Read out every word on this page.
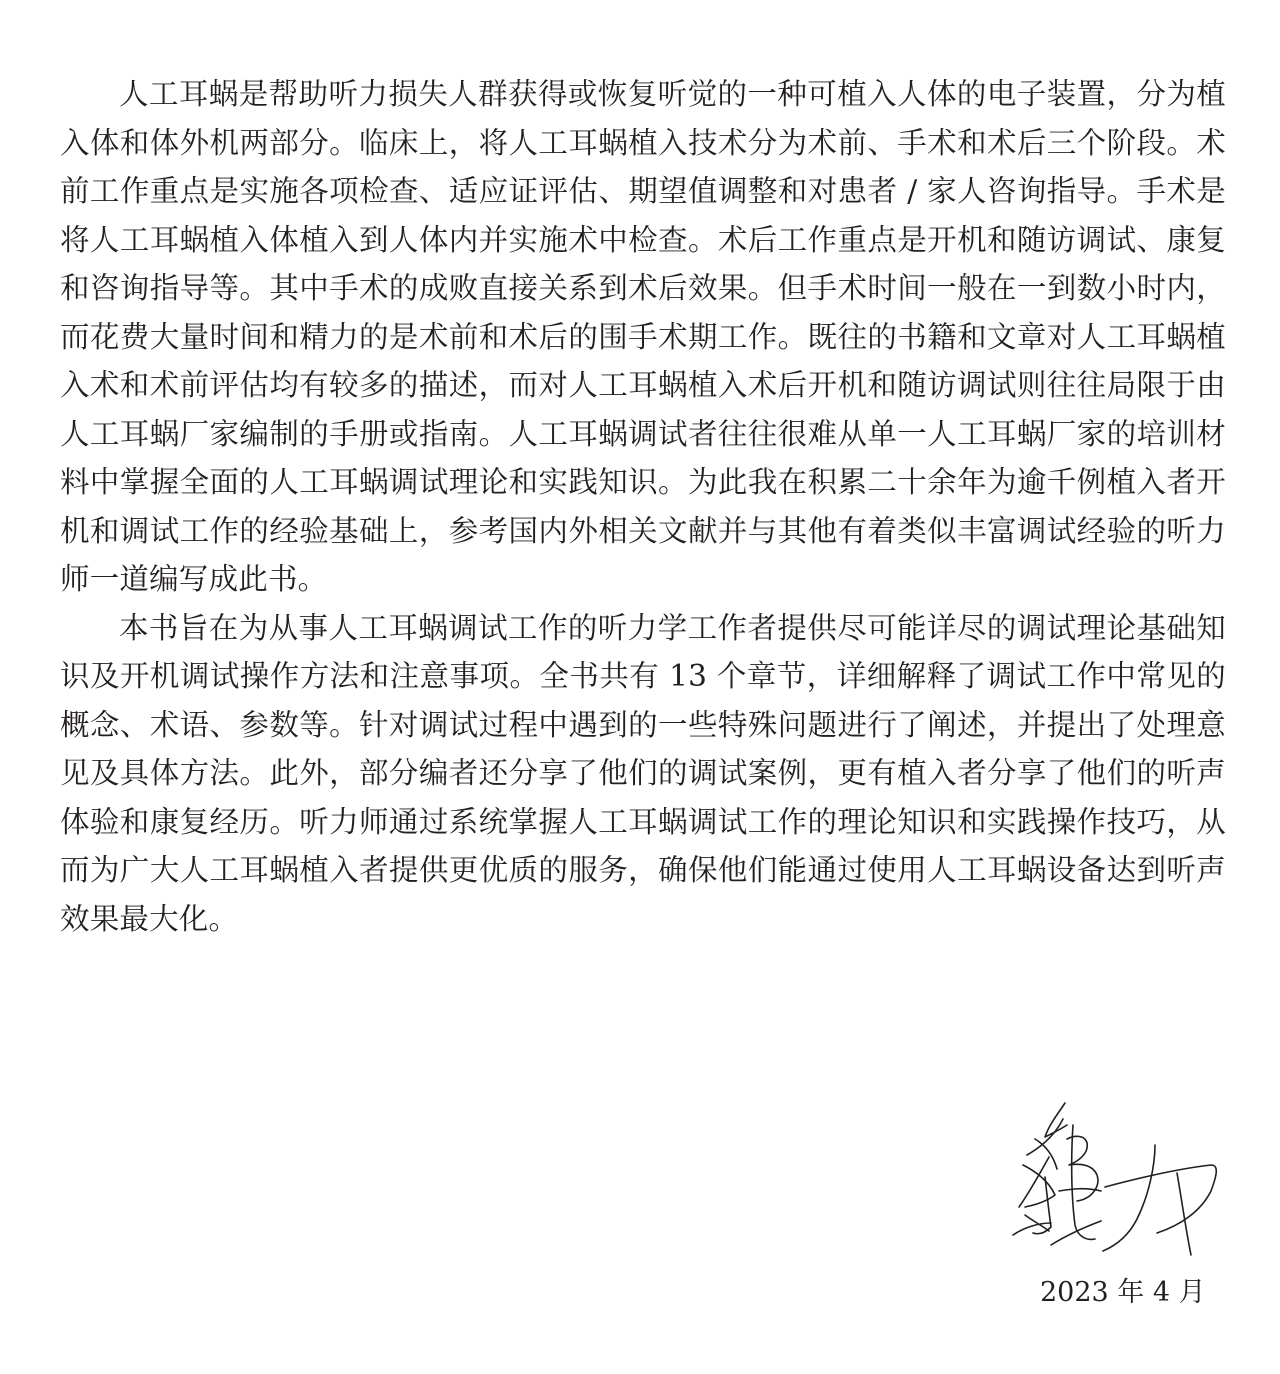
人工耳蜗是帮助听力损失人群获得或恢复听觉的一种可植入人体的电子装置，分为植入体和体外机两部分。临床上，将人工耳蜗植入技术分为术前、手术和术后三个阶段。术前工作重点是实施各项检查、适应证评估、期望值调整和对患者 / 家人咨询指导。手术是将人工耳蜗植入体植入到人体内并实施术中检查。术后工作重点是开机和随访调试、康复和咨询指导等。其中手术的成败直接关系到术后效果。但手术时间一般在一到数小时内，而花费大量时间和精力的是术前和术后的围手术期工作。既往的书籍和文章对人工耳蜗植入术和术前评估均有较多的描述，而对人工耳蜗植入术后开机和随访调试则往往局限于由人工耳蜗厂家编制的手册或指南。人工耳蜗调试者往往很难从单一人工耳蜗厂家的培训材料中掌握全面的人工耳蜗调试理论和实践知识。为此我在积累二十余年为逾千例植入者开机和调试工作的经验基础上，参考国内外相关文献并与其他有着类似丰富调试经验的听力师一道编写成此书。

本书旨在为从事人工耳蜗调试工作的听力学工作者提供尽可能详尽的调试理论基础知识及开机调试操作方法和注意事项。全书共有 13 个章节，详细解释了调试工作中常见的概念、术语、参数等。针对调试过程中遇到的一些特殊问题进行了阐述，并提出了处理意见及具体方法。此外，部分编者还分享了他们的调试案例，更有植入者分享了他们的听声体验和康复经历。听力师通过系统掌握人工耳蜗调试工作的理论知识和实践操作技巧，从而为广大人工耳蜗植入者提供更优质的服务，确保他们能通过使用人工耳蜗设备达到听声效果最大化。

2023 年 4 月
